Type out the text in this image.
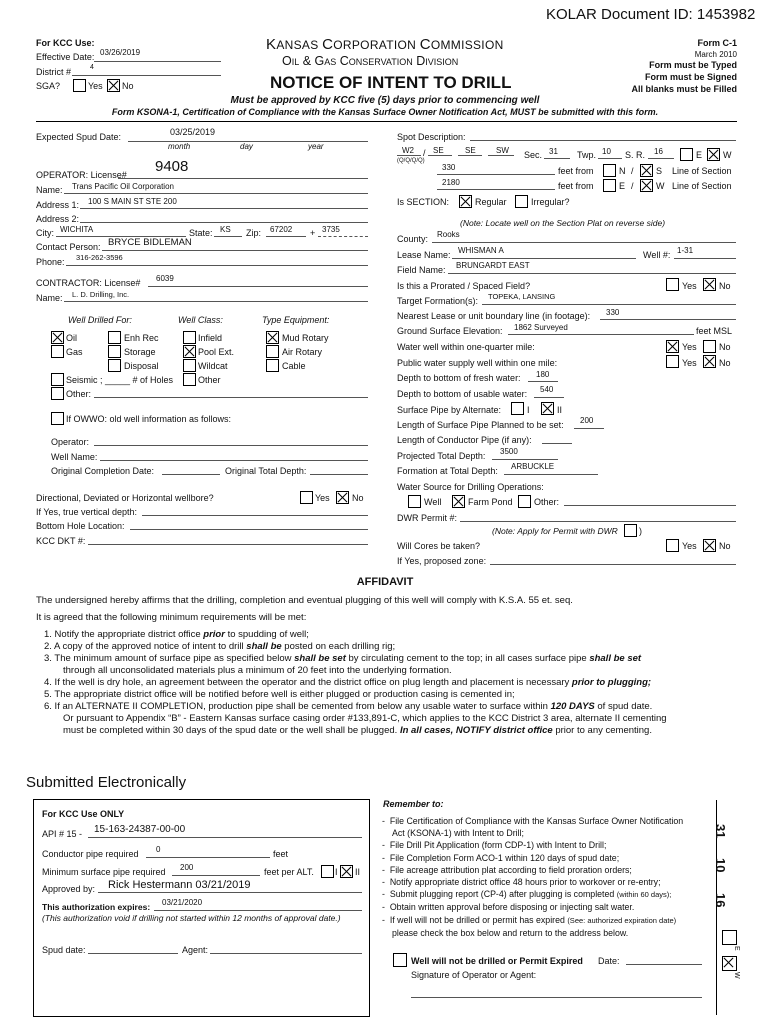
KOLAR Document ID: 1453982
For KCC Use:
Effective Date: 03/26/2019
District #	4
SGA?	Yes No
KANSAS CORPORATION COMMISSION
Oil & Gas Conservation Division
NOTICE OF INTENT TO DRILL
Form C-1
March 2010
Form must be Typed
Form must be Signed
All blanks must be Filled
Must be approved by KCC five (5) days prior to commencing well
Form KSONA-1, Certification of Compliance with the Kansas Surface Owner Notification Act, MUST be submitted with this form.
Expected Spud Date:	03/25/2019
month	day	year
OPERATOR: License# 9408
Name: Trans Pacific Oil Corporation
Address 1: 100 S MAIN ST STE 200
Address 2:
City: WICHITA	State: KS Zip: 67202 + 3735
Contact Person: BRYCE BIDLEMAN
Phone: 316-262-3596
CONTRACTOR: License# 6039
Name: L. D. Drilling, Inc.
Well Drilled For:	Well Class:	Type Equipment:
Oil
Gas
Seismic ; _____ # of Holes
Other:
Enh Rec
Storage
Disposal
Infield
Pool Ext.
Wildcat
Other
Mud Rotary
Air Rotary
Cable
If OWWO: old well information as follows:
Operator:
Well Name:
Original Completion Date:	Original Total Depth:
Directional, Deviated or Horizontal wellbore?	Yes No
If Yes, true vertical depth:
Bottom Hole Location:
KCC DKT #:
Spot Description:
W2 / SE	SE	SW
(Q/Q/Q/Q)
Sec. 31 Twp. 10 S. R. 16	E W
330	feet from	N / S Line of Section
2180	feet from	E / W Line of Section
Is SECTION:	Regular	Irregular?
(Note: Locate well on the Section Plat on reverse side)
County: Rooks
Lease Name: WHISMAN A	Well #: 1-31
Field Name: BRUNGARDT EAST
Is this a Prorated / Spaced Field?	Yes No
Target Formation(s): TOPEKA, LANSING
Nearest Lease or unit boundary line (in footage): 330
Ground Surface Elevation: 1862 Surveyed	feet MSL
Water well within one-quarter mile:	Yes No
Public water supply well within one mile:	Yes No
Depth to bottom of fresh water: 180
Depth to bottom of usable water: 540
Surface Pipe by Alternate:	I	II
Length of Surface Pipe Planned to be set: 200
Length of Conductor Pipe (if any):
Projected Total Depth: 3500
Formation at Total Depth: ARBUCKLE
Water Source for Drilling Operations:
Well	Farm Pond Other:
DWR Permit #:
(Note: Apply for Permit with DWR )
Will Cores be taken?	Yes No
If Yes, proposed zone:
AFFIDAVIT
The undersigned hereby affirms that the drilling, completion and eventual plugging of this well will comply with K.S.A. 55 et. seq.
It is agreed that the following minimum requirements will be met:
1. Notify the appropriate district office prior to spudding of well;
2. A copy of the approved notice of intent to drill shall be posted on each drilling rig;
3. The minimum amount of surface pipe as specified below shall be set by circulating cement to the top; in all cases surface pipe shall be set
through all unconsolidated materials plus a minimum of 20 feet into the underlying formation.
4. If the well is dry hole, an agreement between the operator and the district office on plug length and placement is necessary prior to plugging;
5. The appropriate district office will be notified before well is either plugged or production casing is cemented in;
6. If an ALTERNATE II COMPLETION, production pipe shall be cemented from below any usable water to surface within 120 DAYS of spud date.
Or pursuant to Appendix “B” - Eastern Kansas surface casing order #133,891-C, which applies to the KCC District 3 area, alternate II cementing
must be completed within 30 days of the spud date or the well shall be plugged. In all cases, NOTIFY district office prior to any cementing.
Submitted Electronically
For KCC Use ONLY
API # 15 - 15-163-24387-00-00
Conductor pipe required 0	feet
Minimum surface pipe required 200	feet per ALT. I II
Approved by: Rick Hestermann 03/21/2019
This authorization expires: 03/21/2020
(This authorization void if drilling not started within 12 months of approval date.)
Spud date:	Agent:
Remember to:
-  File Certification of Compliance with the Kansas Surface Owner Notification
Act (KSONA-1) with Intent to Drill;
-  File Drill Pit Application (form CDP-1) with Intent to Drill;
-  File Completion Form ACO-1 within 120 days of spud date;
-  File acreage attribution plat according to field proration orders;
-  Notify appropriate district office 48 hours prior to workover or re-entry;
-  Submit plugging report (CP-4) after plugging is completed (within 60 days);
-  Obtain written approval before disposing or injecting salt water.
-  If well will not be drilled or permit has expired (See: authorized expiration date)
please check the box below and return to the address below.
Well will not be drilled or Permit Expired Date:
Signature of Operator or Agent:
31
10
16
E
W
